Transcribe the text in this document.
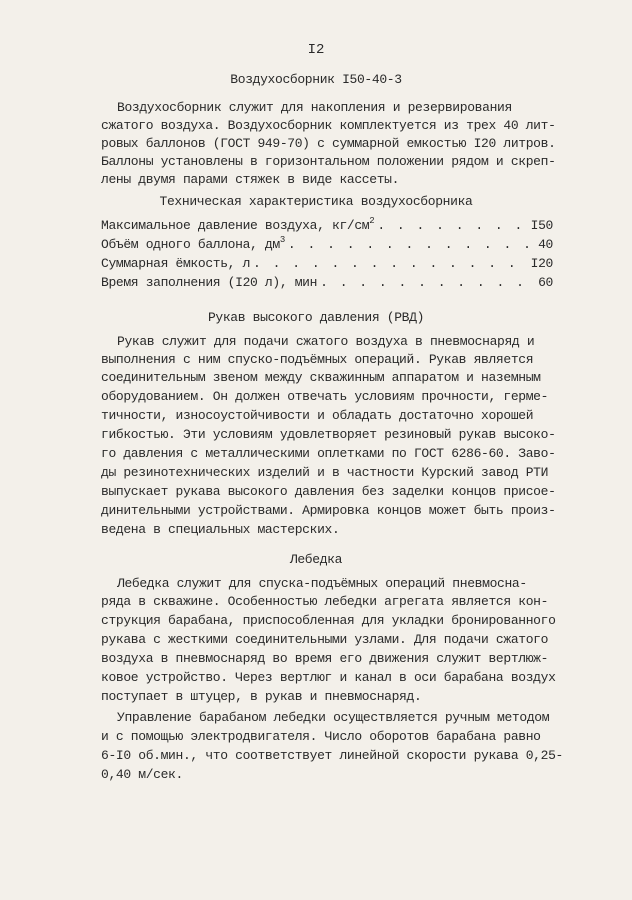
I2
Воздухосборник I50-40-3
Воздухосборник служит для накопления и резервирования
сжатого воздуха. Воздухосборник комплектуется из трех 40 лит-
ровых баллонов (ГОСТ 949-70) с суммарной емкостью I20 литров.
Баллоны установлены в горизонтальном положении рядом и скреп-
лены двумя парами стяжек в виде кассеты.
Техническая характеристика воздухосборника
Максимальное давление воздуха, $кг/см^2$ . . .	I50
Объём одного баллона, $дм^3$ . . .	40
Суммарная ёмкость, л . . .	I20
Время заполнения (I20 л), мин . . .	60
Рукав высокого давления (РВД)
Рукав служит для подачи сжатого воздуха в пневмоснаряд и
выполнения с ним спуско-подъёмных операций. Рукав является
соединительным звеном между скважинным аппаратом и наземным
оборудованием. Он должен отвечать условиям прочности, герме-
тичности, износоустойчивости и обладать достаточно хорошей
гибкостью. Эти условиям удовлетворяет резиновый рукав высоко-
го давления с металлическими оплетками по ГОСТ 6286-60. Заво-
ды резинотехнических изделий и в частности Курский завод РТИ
выпускает рукава высокого давления без заделки концов присое-
динительными устройствами. Армировка концов может быть произ-
ведена в специальных мастерских.
Лебедка
Лебедка служит для спуска-подъёмных операций пневмосна-
ряда в скважине. Особенностью лебедки агрегата является кон-
струкция барабана, приспособленная для укладки бронированного
рукава с жесткими соединительными узлами. Для подачи сжатого
воздуха в пневмоснаряд во время его движения служит вертлюж-
ковое устройство. Через вертлюг и канал в оси барабана воздух
поступает в штуцер, в рукав и пневмоснаряд.
Управление барабаном лебедки осуществляется ручным методом
и с помощью электродвигателя. Число оборотов барабана равно
6-I0 об.мин., что соответствует линейной скорости рукава 0,25-
0,40 м/сек.
